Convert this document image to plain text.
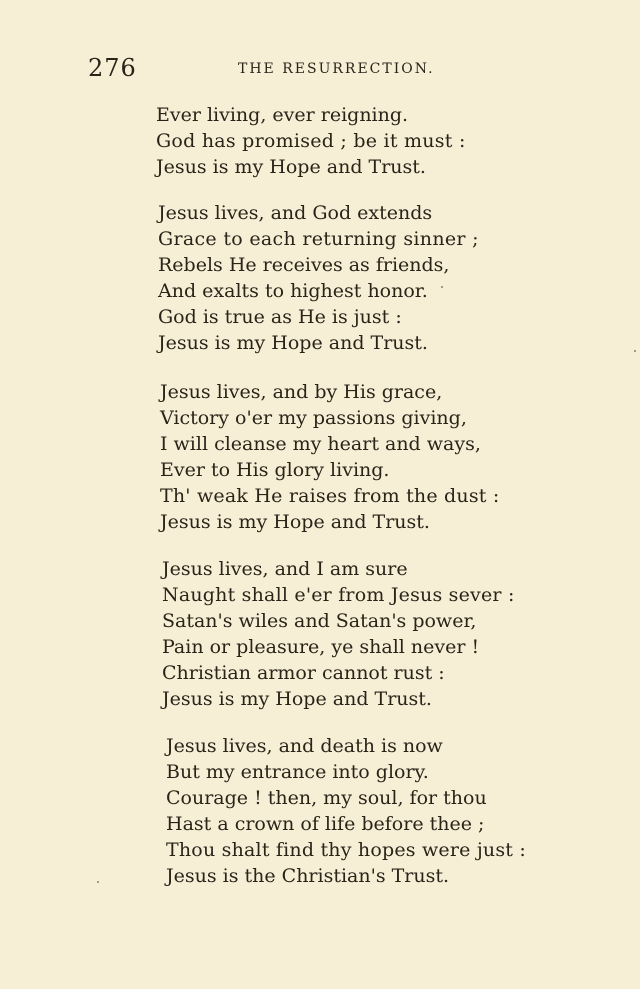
276	THE RESURRECTION.
Ever living, ever reigning.
God has promised ; be it must :
Jesus is my Hope and Trust.
Jesus lives, and God extends
Grace to each returning sinner ;
Rebels He receives as friends,
And exalts to highest honor.
God is true as He is just :
Jesus is my Hope and Trust.
Jesus lives, and by His grace,
Victory o'er my passions giving,
I will cleanse my heart and ways,
Ever to His glory living.
Th' weak He raises from the dust :
Jesus is my Hope and Trust.
Jesus lives, and I am sure
Naught shall e'er from Jesus sever :
Satan's wiles and Satan's power,
Pain or pleasure, ye shall never !
Christian armor cannot rust :
Jesus is my Hope and Trust.
Jesus lives, and death is now
But my entrance into glory.
Courage ! then, my soul, for thou
Hast a crown of life before thee ;
Thou shalt find thy hopes were just :
Jesus is the Christian's Trust.
